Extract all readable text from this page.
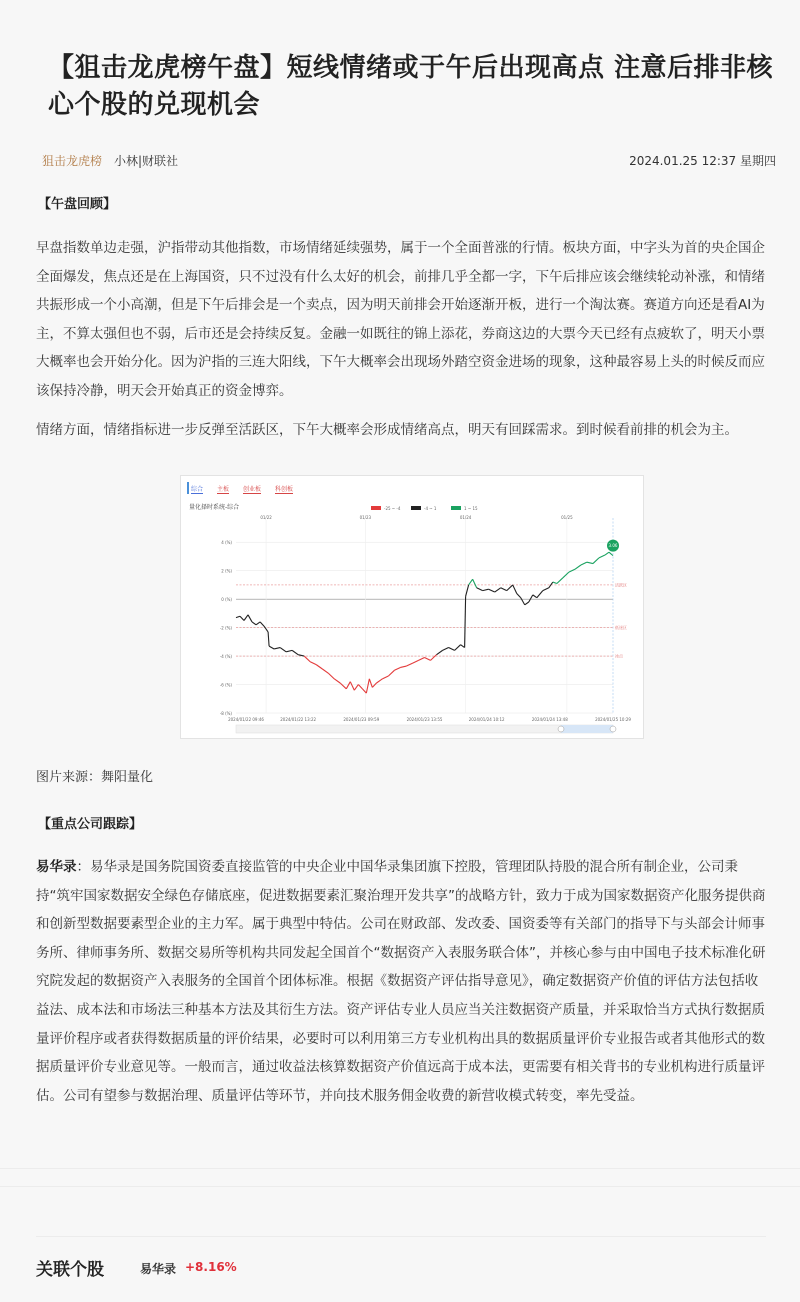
【狙击龙虎榜午盘】短线情绪或于午后出现高点 注意后排非核心个股的兑现机会
狙击龙虎榜 小林|财联社	2024.01.25 12:37 星期四
【午盘回顾】

早盘指数单边走强，沪指带动其他指数，市场情绪延续强势，属于一个全面普涨的行情。板块方面，中字头为首的央企国企全面爆发，焦点还是在上海国资，只不过没有什么太好的机会，前排几乎全都一字，下午后排应该会继续轮动补涨，和情绪共振形成一个小高潮，但是下午后排会是一个卖点，因为明天前排会开始逐渐开板，进行一个淘汰赛。赛道方向还是看AI为主，不算太强但也不弱，后市还是会持续反复。金融一如既往的锦上添花，券商这边的大票今天已经有点疲软了，明天小票大概率也会开始分化。因为沪指的三连大阳线，下午大概率会出现场外踏空资金进场的现象，这种最容易上头的时候反而应该保持冷静，明天会开始真正的资金博弈。

情绪方面，情绪指标进一步反弹至活跃区，下午大概率会形成情绪高点，明天有回踩需求。到时候看前排的机会为主。

综合 主板 创业板 科创板
量化择时系统-综合	-25 ~ -4	-4 ~ 1	1 ~ 15
4 (%)
2 (%)
0 (%)
-2 (%)
-4 (%)
-6 (%)
-8 (%)
01/22	01/23	01/24	01/25
活跃区
低迷区
冰点
3.06
2024/01/22 09:46	2024/01/22 13:22	2024/01/23 09:59	2024/01/23 13:55	2024/01/24 10:12	2024/01/24 13:48	2024/01/25 10:29
图片来源：舞阳量化
【重点公司跟踪】

易华录：易华录是国务院国资委直接监管的中央企业中国华录集团旗下控股，管理团队持股的混合所有制企业，公司秉持“筑牢国家数据安全绿色存储底座，促进数据要素汇聚治理开发共享”的战略方针，致力于成为国家数据资产化服务提供商和创新型数据要素型企业的主力军。属于典型中特估。公司在财政部、发改委、国资委等有关部门的指导下与头部会计师事务所、律师事务所、数据交易所等机构共同发起全国首个“数据资产入表服务联合体”，并核心参与由中国电子技术标准化研究院发起的数据资产入表服务的全国首个团体标准。根据《数据资产评估指导意见》，确定数据资产价值的评估方法包括收益法、成本法和市场法三种基本方法及其衍生方法。资产评估专业人员应当关注数据资产质量，并采取恰当方式执行数据质量评价程序或者获得数据质量的评价结果，必要时可以利用第三方专业机构出具的数据质量评价专业报告或者其他形式的数据质量评价专业意见等。一般而言，通过收益法核算数据资产价值远高于成本法，更需要有相关背书的专业机构进行质量评估。公司有望参与数据治理、质量评估等环节，并向技术服务佣金收费的新营收模式转变，率先受益。

关联个股	易华录 +8.16%
